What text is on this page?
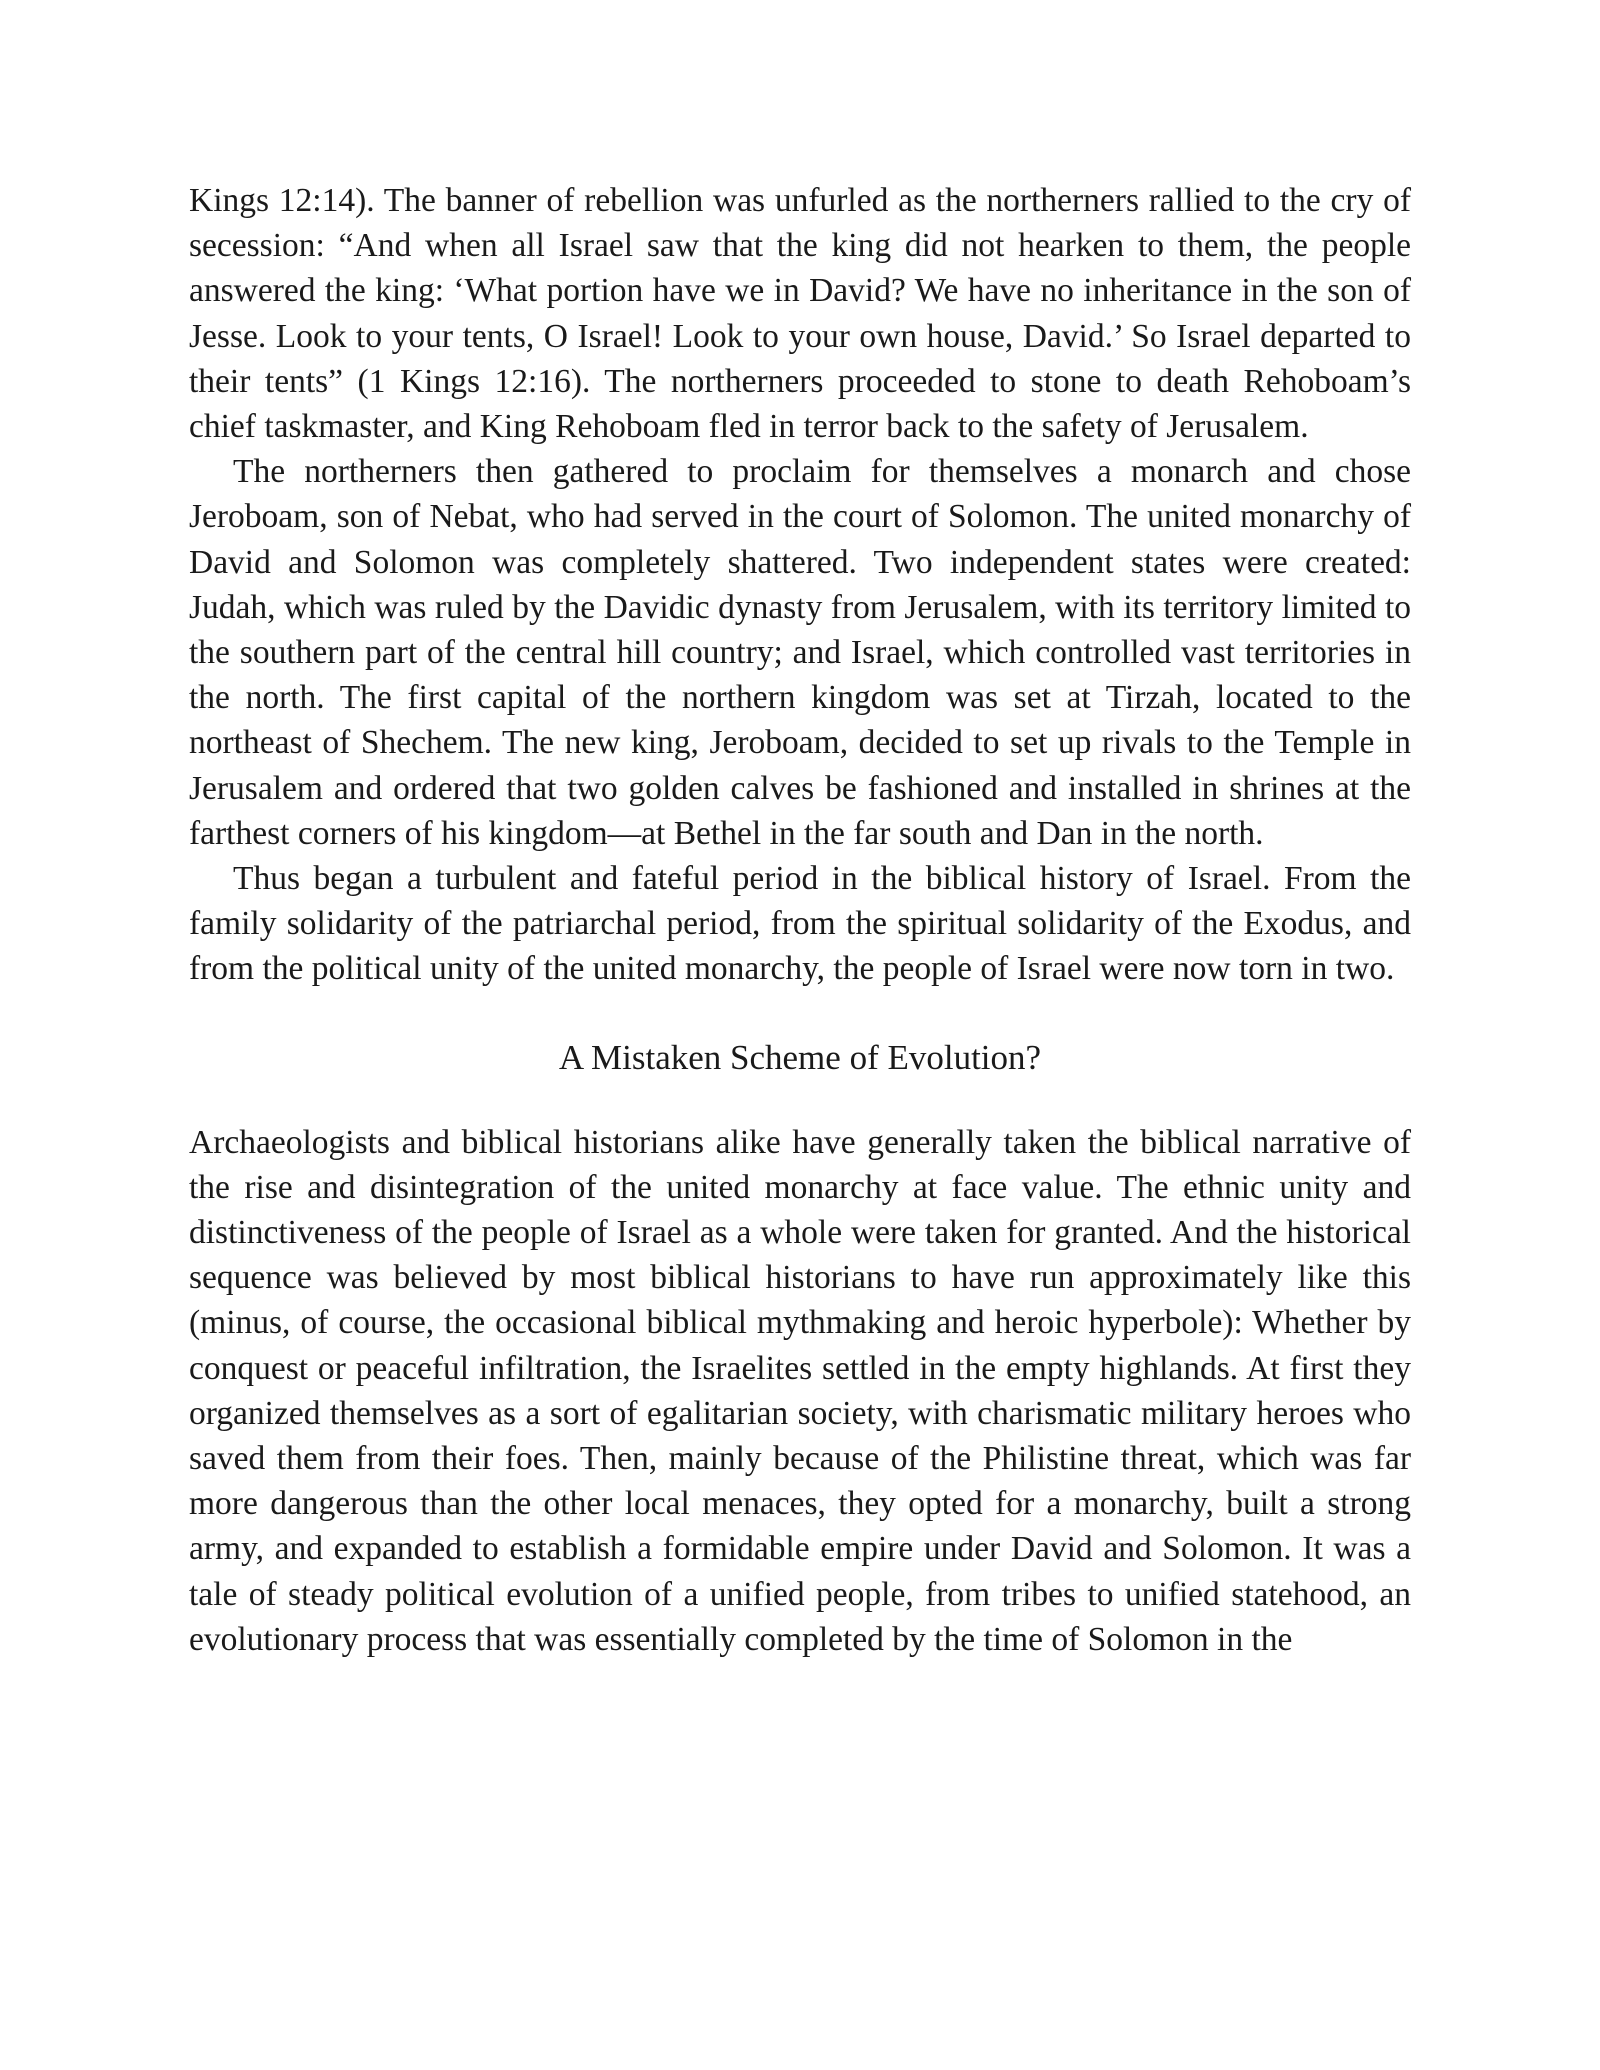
Kings 12:14). The banner of rebellion was unfurled as the northerners rallied to the cry of secession: “And when all Israel saw that the king did not hearken to them, the people answered the king: ‘What portion have we in David? We have no inheritance in the son of Jesse. Look to your tents, O Israel! Look to your own house, David.’ So Israel departed to their tents” (1 Kings 12:16). The northerners proceeded to stone to death Rehoboam’s chief taskmaster, and King Rehoboam fled in terror back to the safety of Jerusalem.

The northerners then gathered to proclaim for themselves a monarch and chose Jeroboam, son of Nebat, who had served in the court of Solomon. The united monarchy of David and Solomon was completely shattered. Two independent states were created: Judah, which was ruled by the Davidic dynasty from Jerusalem, with its territory limited to the southern part of the central hill country; and Israel, which controlled vast territories in the north. The first capital of the northern kingdom was set at Tirzah, located to the northeast of Shechem. The new king, Jeroboam, decided to set up rivals to the Temple in Jerusalem and ordered that two golden calves be fashioned and installed in shrines at the farthest corners of his kingdom—at Bethel in the far south and Dan in the north.

Thus began a turbulent and fateful period in the biblical history of Israel. From the family solidarity of the patriarchal period, from the spiritual solidarity of the Exodus, and from the political unity of the united monarchy, the people of Israel were now torn in two.

A Mistaken Scheme of Evolution?

Archaeologists and biblical historians alike have generally taken the biblical narrative of the rise and disintegration of the united monarchy at face value. The ethnic unity and distinctiveness of the people of Israel as a whole were taken for granted. And the historical sequence was believed by most biblical historians to have run approximately like this (minus, of course, the occasional biblical mythmaking and heroic hyperbole): Whether by conquest or peaceful infiltration, the Israelites settled in the empty highlands. At first they organized themselves as a sort of egalitarian society, with charismatic military heroes who saved them from their foes. Then, mainly because of the Philistine threat, which was far more dangerous than the other local menaces, they opted for a monarchy, built a strong army, and expanded to establish a formidable empire under David and Solomon. It was a tale of steady political evolution of a unified people, from tribes to unified statehood, an evolutionary process that was essentially completed by the time of Solomon in the
